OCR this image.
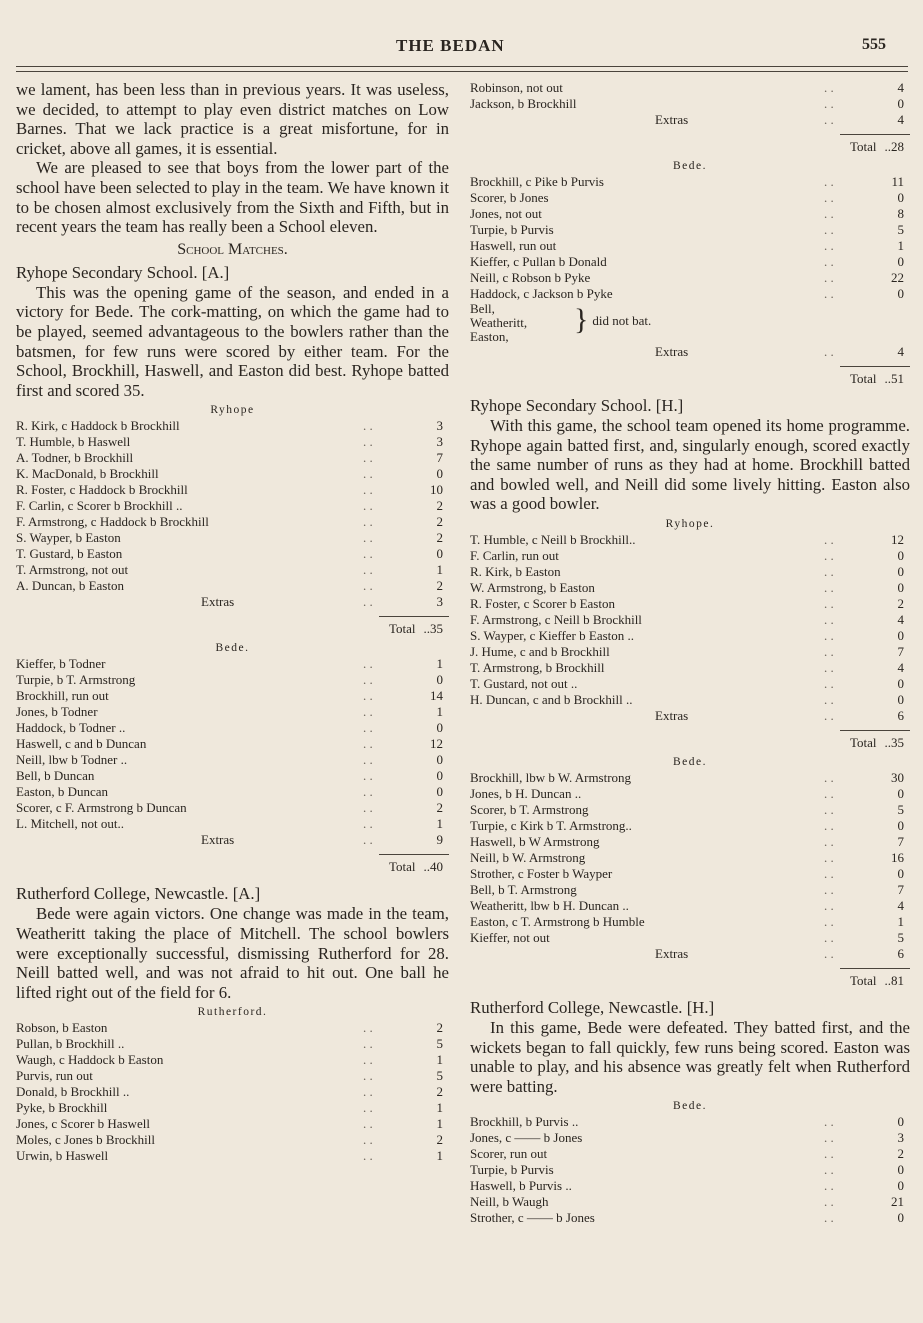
THE BEDAN	555

we lament, has been less than in previous years. It was useless, we decided, to attempt to play even district matches on Low Barnes. That we lack practice is a great misfortune, for in cricket, above all games, it is essential.

We are pleased to see that boys from the lower part of the school have been selected to play in the team. We have known it to be chosen almost exclusively from the Sixth and Fifth, but in recent years the team has really been a School eleven.

School Matches.
Ryhope Secondary School. [A.]

This was the opening game of the season, and ended in a victory for Bede. The cork-matting, on which the game had to be played, seemed advantageous to the bowlers rather than the batsmen, for few runs were scored by either team. For the School, Brockhill, Haswell, and Easton did best. Ryhope batted first and scored 35.

Ryhope
R. Kirk, c Haddock b Brockhill	. .	3
T. Humble, b Haswell	. .	3
A. Todner, b Brockhill	. .	7
K. MacDonald, b Brockhill	. .	0
R. Foster, c Haddock b Brockhill	. .	10
F. Carlin, c Scorer b Brockhill ..	. .	2
F. Armstrong, c Haddock b Brockhill	. .	2
S. Wayper, b Easton	. .	2
T. Gustard, b Easton	. .	0
T. Armstrong, not out	. .	1
A. Duncan, b Easton	. .	2
Extras	. .	3
Total .. 35
Bede.
Kieffer, b Todner	. .	1
Turpie, b T. Armstrong	. .	0
Brockhill, run out	. .	14
Jones, b Todner	. .	1
Haddock, b Todner ..	. .	0
Haswell, c and b Duncan	. .	12
Neill, lbw b Todner ..	. .	0
Bell, b Duncan	. .	0
Easton, b Duncan	. .	0
Scorer, c F. Armstrong b Duncan	. .	2
L. Mitchell, not out..	. .	1
Extras	. .	9
Total .. 40
Rutherford College, Newcastle. [A.]

Bede were again victors. One change was made in the team, Weatheritt taking the place of Mitchell. The school bowlers were exceptionally successful, dismissing Rutherford for 28. Neill batted well, and was not afraid to hit out. One ball he lifted right out of the field for 6.

Rutherford.
Robson, b Easton	. .	2
Pullan, b Brockhill ..	. .	5
Waugh, c Haddock b Easton	. .	1
Purvis, run out	. .	5
Donald, b Brockhill ..	. .	2
Pyke, b Brockhill	. .	1
Jones, c Scorer b Haswell	. .	1
Moles, c Jones b Brockhill	. .	2
Urwin, b Haswell	. .	1
Robinson, not out	. .	4
Jackson, b Brockhill	. .	0
Extras	. .	4
Total .. 28
Bede.
Brockhill, c Pike b Purvis	. .	11
Scorer, b Jones	. .	0
Jones, not out	. .	8
Turpie, b Purvis	. .	5
Haswell, run out	. .	1
Kieffer, c Pullan b Donald	. .	0
Neill, c Robson b Pyke	. .	22
Haddock, c Jackson b Pyke	. .	0
Bell,
Weatheritt,
Easton,
} did not bat.
Extras	. .	4
Total .. 51
Ryhope Secondary School. [H.]

With this game, the school team opened its home programme. Ryhope again batted first, and, singularly enough, scored exactly the same number of runs as they had at home. Brockhill batted and bowled well, and Neill did some lively hitting. Easton also was a good bowler.

Ryhope.
T. Humble, c Neill b Brockhill..	. .	12
F. Carlin, run out	. .	0
R. Kirk, b Easton	. .	0
W. Armstrong, b Easton	. .	0
R. Foster, c Scorer b Easton	. .	2
F. Armstrong, c Neill b Brockhill	. .	4
S. Wayper, c Kieffer b Easton ..	. .	0
J. Hume, c and b Brockhill	. .	7
T. Armstrong, b Brockhill	. .	4
T. Gustard, not out ..	. .	0
H. Duncan, c and b Brockhill ..	. .	0
Extras	. .	6
Total .. 35
Bede.
Brockhill, lbw b W. Armstrong	. .	30
Jones, b H. Duncan ..	. .	0
Scorer, b T. Armstrong	. .	5
Turpie, c Kirk b T. Armstrong..	. .	0
Haswell, b W Armstrong	. .	7
Neill, b W. Armstrong	. .	16
Strother, c Foster b Wayper	. .	0
Bell, b T. Armstrong	. .	7
Weatheritt, lbw b H. Duncan ..	. .	4
Easton, c T. Armstrong b Humble	. .	1
Kieffer, not out	. .	5
Extras	. .	6
Total .. 81
Rutherford College, Newcastle. [H.]

In this game, Bede were defeated. They batted first, and the wickets began to fall quickly, few runs being scored. Easton was unable to play, and his absence was greatly felt when Rutherford were batting.

Bede.
Brockhill, b Purvis ..	. .	0
Jones, c —— b Jones	. .	3
Scorer, run out	. .	2
Turpie, b Purvis	. .	0
Haswell, b Purvis ..	. .	0
Neill, b Waugh	. .	21
Strother, c —— b Jones	. .	0
